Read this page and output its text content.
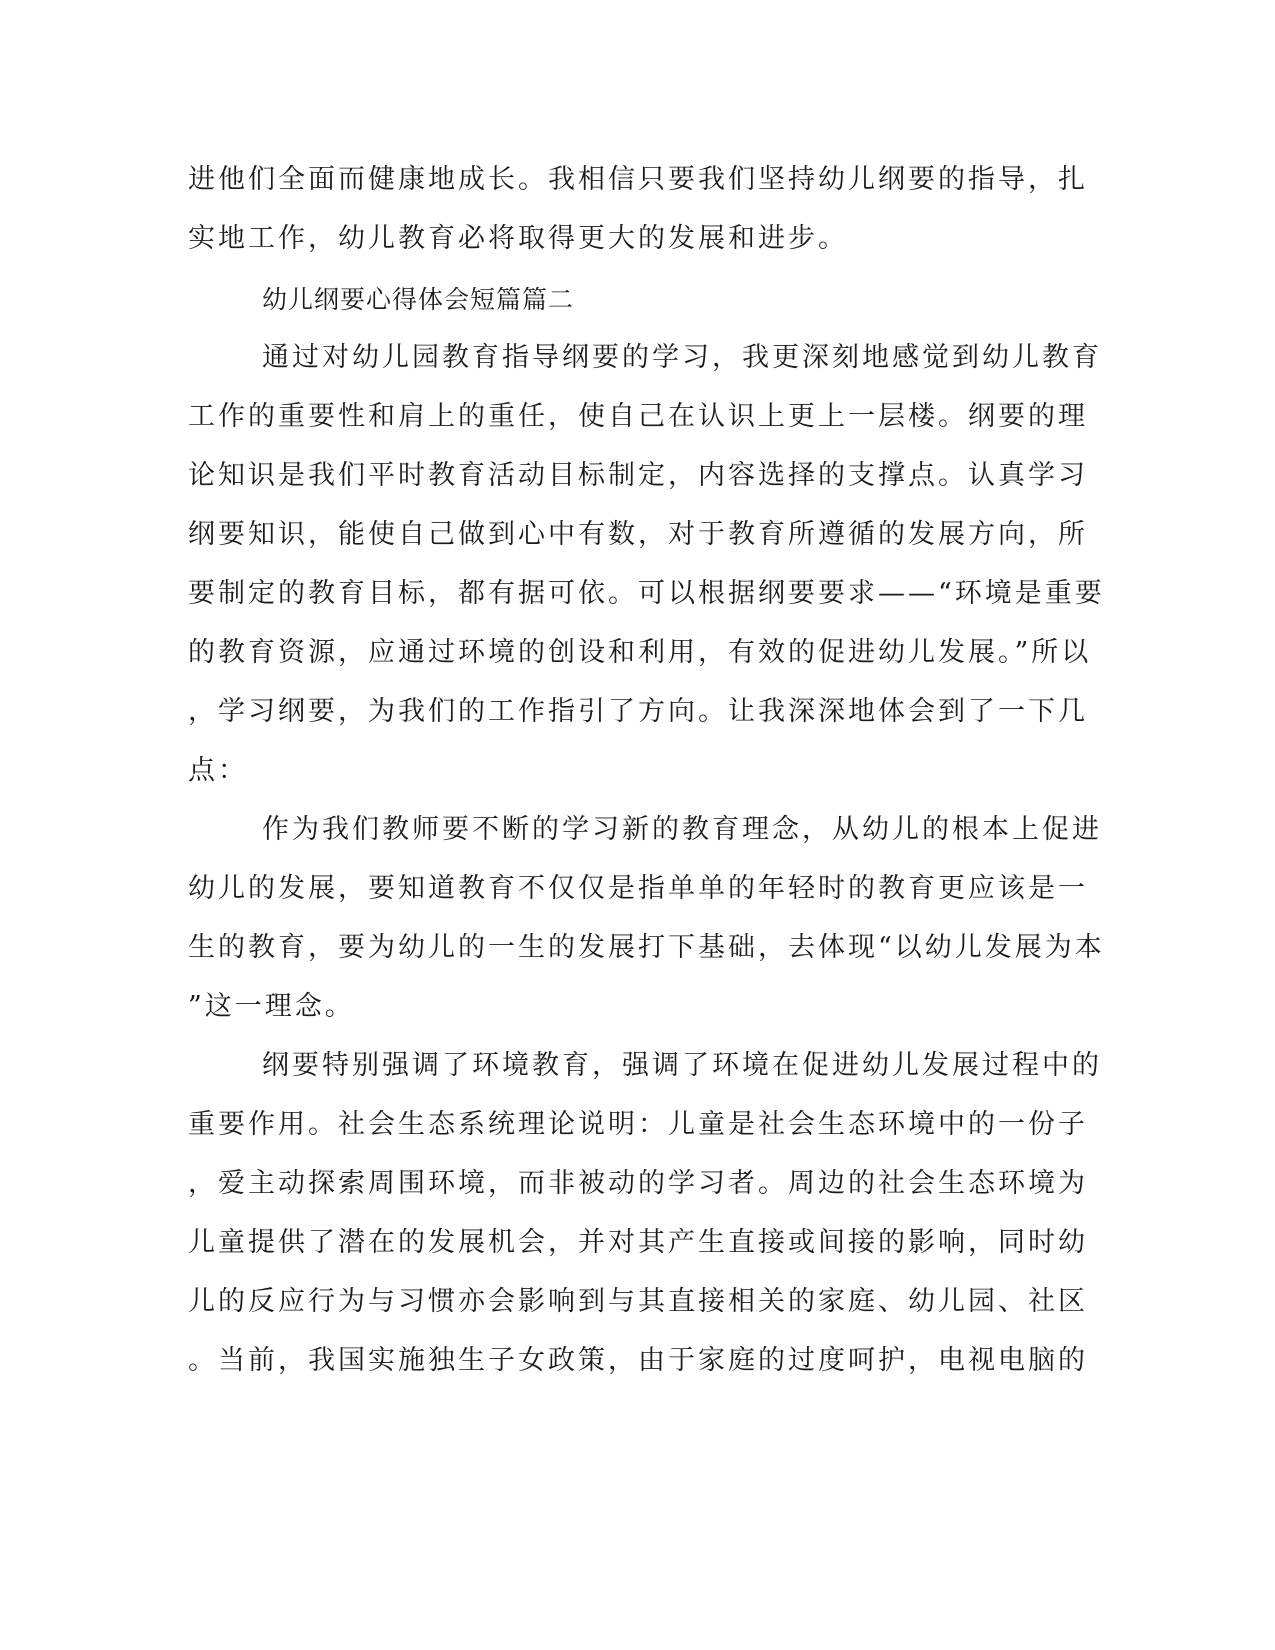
进他们全面而健康地成长。我相信只要我们坚持幼儿纲要的指导，扎
实地工作，幼儿教育必将取得更大的发展和进步。
幼儿纲要心得体会短篇篇二
通过对幼儿园教育指导纲要的学习，我更深刻地感觉到幼儿教育
工作的重要性和肩上的重任，使自己在认识上更上一层楼。纲要的理
论知识是我们平时教育活动目标制定，内容选择的支撑点。认真学习
纲要知识，能使自己做到心中有数，对于教育所遵循的发展方向，所
要制定的教育目标，都有据可依。可以根据纲要要求——“环境是重要
的教育资源，应通过环境的创设和利用，有效的促进幼儿发展。”所以
，学习纲要，为我们的工作指引了方向。让我深深地体会到了一下几
点：
作为我们教师要不断的学习新的教育理念，从幼儿的根本上促进
幼儿的发展，要知道教育不仅仅是指单单的年轻时的教育更应该是一
生的教育，要为幼儿的一生的发展打下基础，去体现“以幼儿发展为本
”这一理念。
纲要特别强调了环境教育，强调了环境在促进幼儿发展过程中的
重要作用。社会生态系统理论说明：儿童是社会生态环境中的一份子
，爱主动探索周围环境，而非被动的学习者。周边的社会生态环境为
儿童提供了潜在的发展机会，并对其产生直接或间接的影响，同时幼
儿的反应行为与习惯亦会影响到与其直接相关的家庭、幼儿园、社区
。当前，我国实施独生子女政策，由于家庭的过度呵护，电视电脑的
